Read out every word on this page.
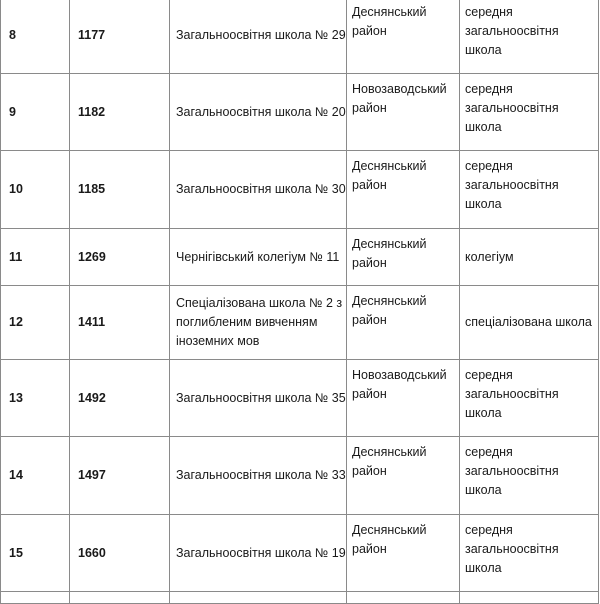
8	1177	Загальноосвітня школа № 29	Деснянський район	середня загальноосвітня школа
9	1182	Загальноосвітня школа № 20	Новозаводський район	середня загальноосвітня школа
10	1185	Загальноосвітня школа № 30	Деснянський район	середня загальноосвітня школа
11	1269	Чернігівський колегіум № 11	Деснянський район	колегіум
12	1411	Спеціалізована школа № 2 з поглибленим вивченням іноземних мов	Деснянський район	спеціалізована школа
13	1492	Загальноосвітня школа № 35	Новозаводський район	середня загальноосвітня школа
14	1497	Загальноосвітня школа № 33	Деснянський район	середня загальноосвітня школа
15	1660	Загальноосвітня школа № 19	Деснянський район	середня загальноосвітня школа
